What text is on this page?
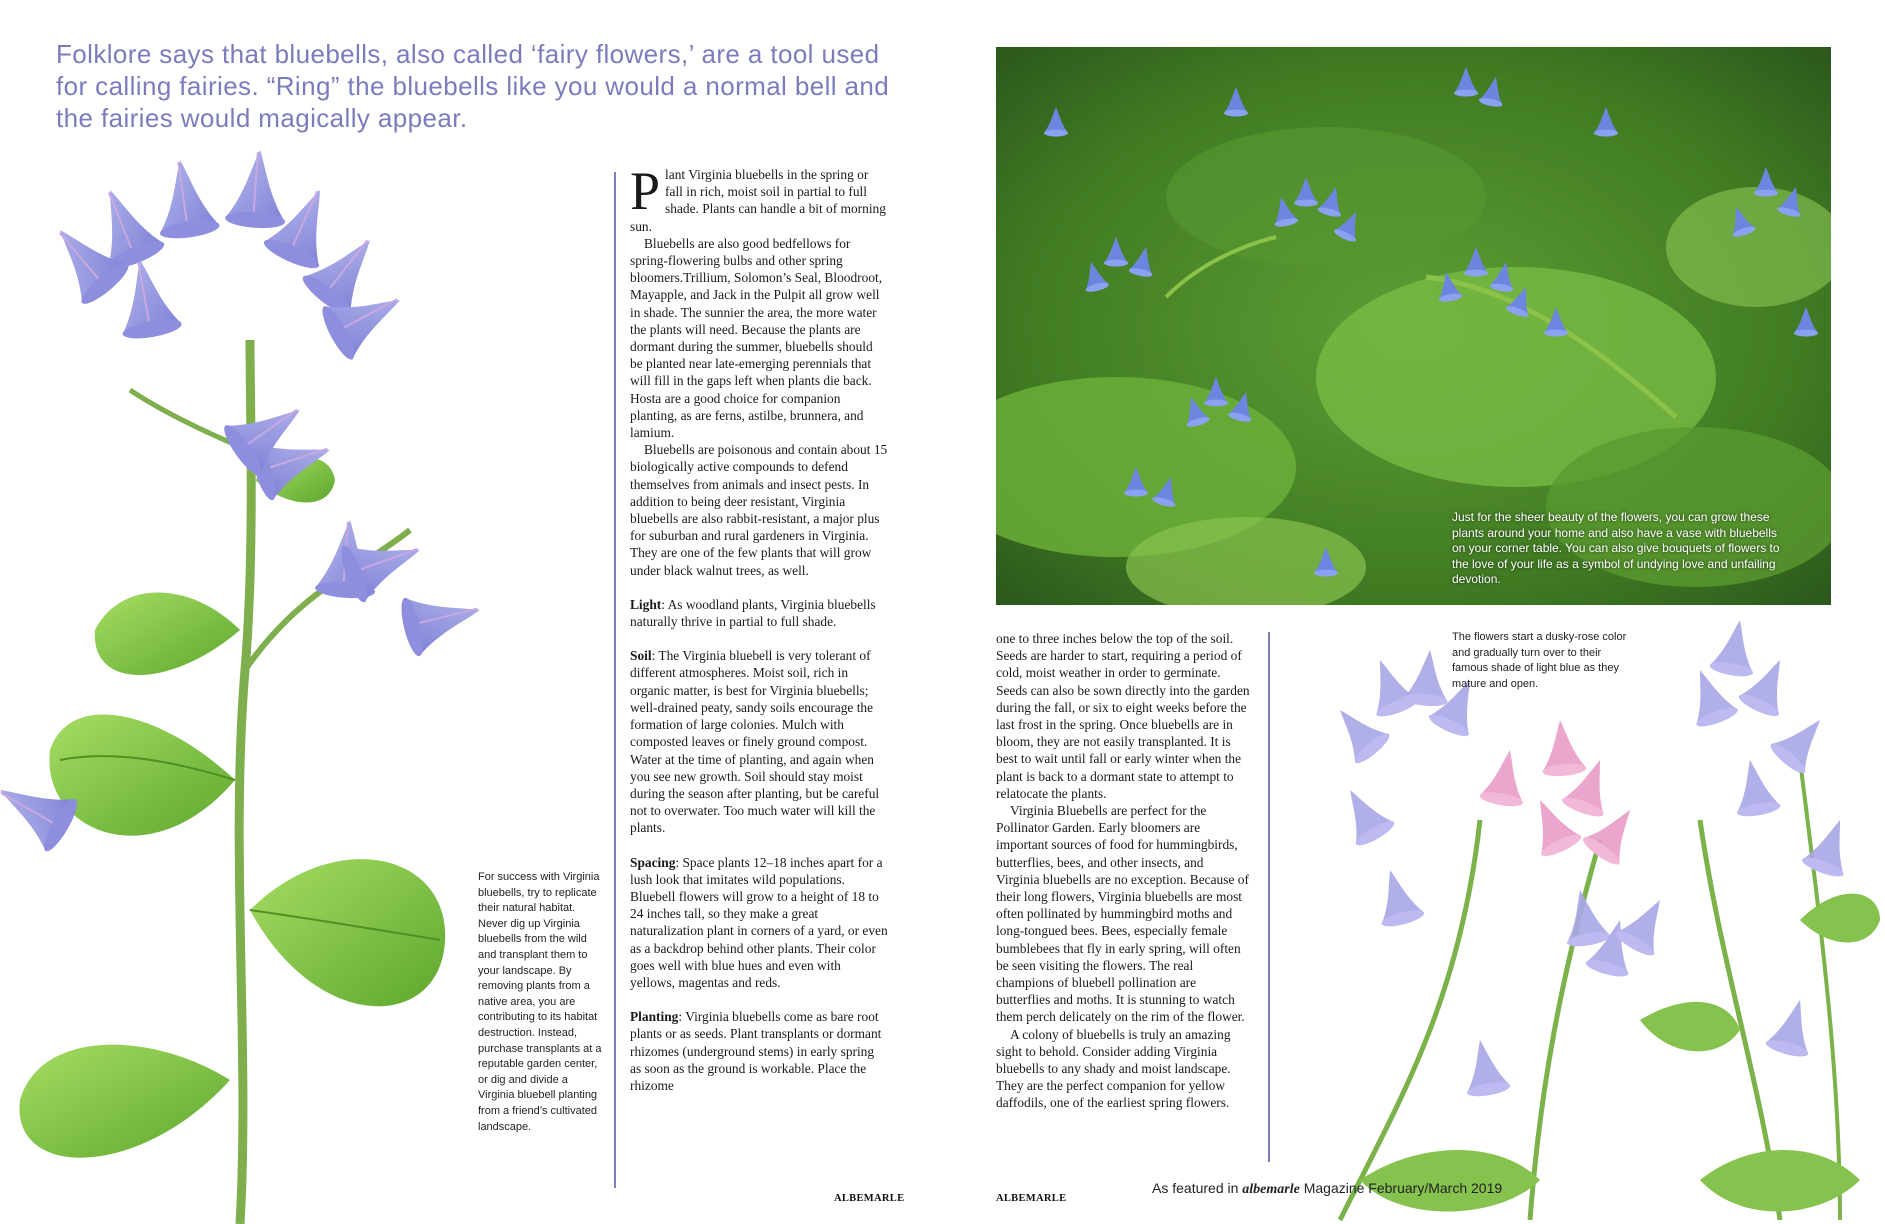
Folklore says that bluebells, also called ‘fairy flowers,’ are a tool used for calling fairies. “Ring” the bluebells like you would a normal bell and the fairies would magically appear.
For success with Virginia bluebells, try to replicate their natural habitat. Never dig up Virginia bluebells from the wild and transplant them to your landscape. By removing plants from a native area, you are contributing to its habitat destruction. Instead, purchase transplants at a reputable garden center, or dig and divide a Virginia bluebell planting from a friend’s cultivated landscape.

Plant Virginia bluebells in the spring or fall in rich, moist soil in partial to full shade. Plants can handle a bit of morning sun.

Bluebells are also good bedfellows for spring-flowering bulbs and other spring bloomers.Trillium, Solomon’s Seal, Bloodroot, Mayapple, and Jack in the Pulpit all grow well in shade. The sunnier the area, the more water the plants will need. Because the plants are dormant during the summer, bluebells should be planted near late-emerging perennials that will fill in the gaps left when plants die back. Hosta are a good choice for companion planting, as are ferns, astilbe, brunnera, and lamium.

Bluebells are poisonous and contain about 15 biologically active compounds to defend themselves from animals and insect pests. In addition to being deer resistant, Virginia bluebells are also rabbit-resistant, a major plus for suburban and rural gardeners in Virginia. They are one of the few plants that will grow under black walnut trees, as well.

Light: As woodland plants, Virginia bluebells naturally thrive in partial to full shade.

Soil: The Virginia bluebell is very tolerant of different atmospheres. Moist soil, rich in organic matter, is best for Virginia bluebells; well-drained peaty, sandy soils encourage the formation of large colonies. Mulch with composted leaves or finely ground compost. Water at the time of planting, and again when you see new growth. Soil should stay moist during the season after planting, but be careful not to overwater. Too much water will kill the plants.

Spacing: Space plants 12–18 inches apart for a lush look that imitates wild populations. Bluebell flowers will grow to a height of 18 to 24 inches tall, so they make a great naturalization plant in corners of a yard, or even as a backdrop behind other plants. Their color goes well with blue hues and even with yellows, magentas and reds.

Planting: Virginia bluebells come as bare root plants or as seeds. Plant transplants or dormant rhizomes (underground stems) in early spring as soon as the ground is workable. Place the rhizome

ALBEMARLE
Just for the sheer beauty of the flowers, you can grow these plants around your home and also have a vase with bluebells on your corner table. You can also give bouquets of flowers to the love of your life as a symbol of undying love and unfailing devotion.

one to three inches below the top of the soil. Seeds are harder to start, requiring a period of cold, moist weather in order to germinate. Seeds can also be sown directly into the garden during the fall, or six to eight weeks before the last frost in the spring. Once bluebells are in bloom, they are not easily transplanted. It is best to wait until fall or early winter when the plant is back to a dormant state to attempt to relatocate the plants.

Virginia Bluebells are perfect for the Pollinator Garden. Early bloomers are important sources of food for hummingbirds, butterflies, bees, and other insects, and Virginia bluebells are no exception. Because of their long flowers, Virginia bluebells are most often pollinated by hummingbird moths and long-tongued bees. Bees, especially female bumblebees that fly in early spring, will often be seen visiting the flowers. The real champions of bluebell pollination are butterflies and moths. It is stunning to watch them perch delicately on the rim of the flower.

A colony of bluebells is truly an amazing sight to behold. Consider adding Virginia bluebells to any shady and moist landscape. They are the perfect companion for yellow daffodils, one of the earliest spring flowers.

ALBEMARLE
The flowers start a dusky-rose color and gradually turn over to their famous shade of light blue as they mature and open.
As featured in albemarle Magazine February/March 2019
